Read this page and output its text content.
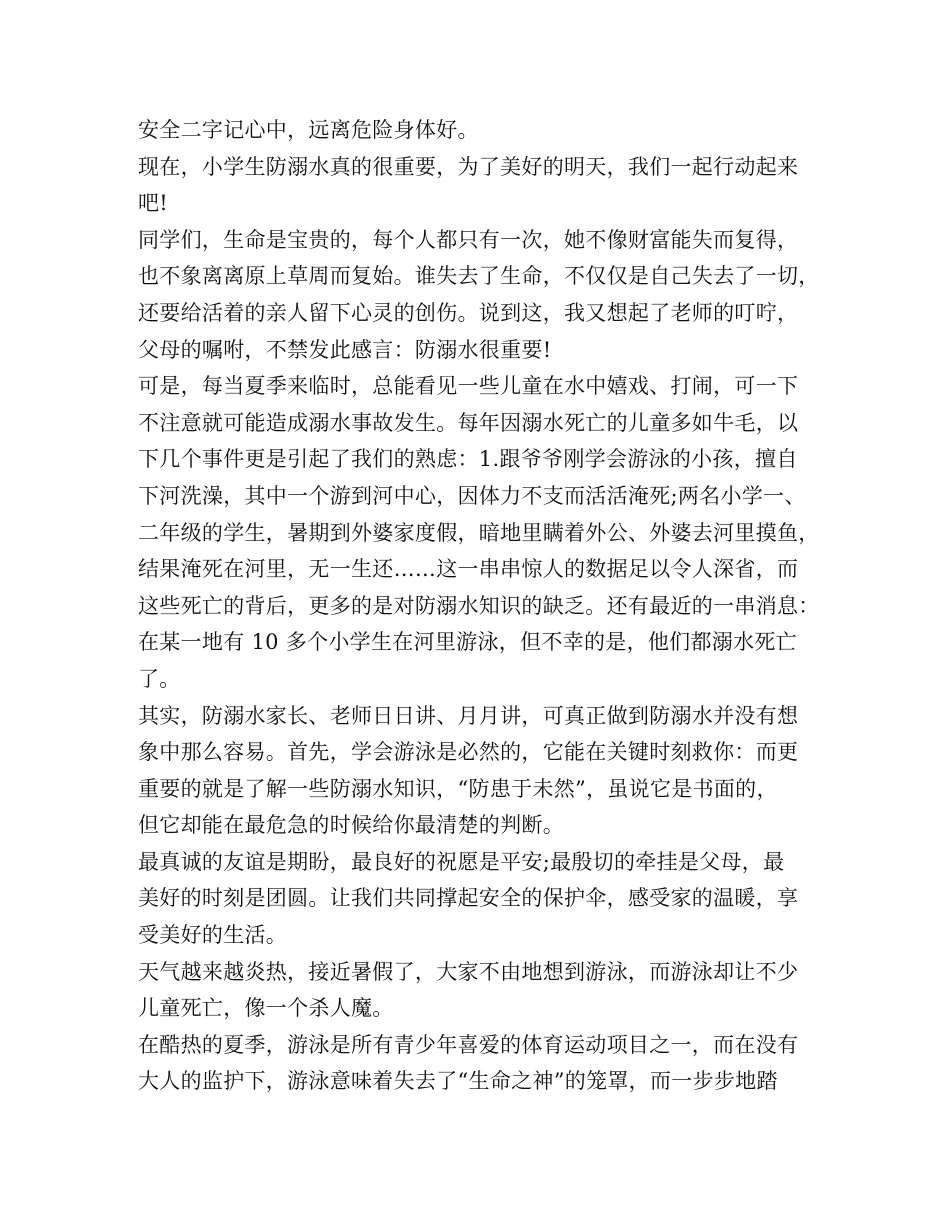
安全二字记心中，远离危险身体好。
现在，小学生防溺水真的很重要，为了美好的明天，我们一起行动起来
吧!
同学们，生命是宝贵的，每个人都只有一次，她不像财富能失而复得，
也不象离离原上草周而复始。谁失去了生命，不仅仅是自己失去了一切，
还要给活着的亲人留下心灵的创伤。说到这，我又想起了老师的叮咛，
父母的嘱咐，不禁发此感言：防溺水很重要!
可是，每当夏季来临时，总能看见一些儿童在水中嬉戏、打闹，可一下
不注意就可能造成溺水事故发生。每年因溺水死亡的儿童多如牛毛，以
下几个事件更是引起了我们的熟虑：1.跟爷爷刚学会游泳的小孩，擅自
下河洗澡，其中一个游到河中心，因体力不支而活活淹死;两名小学一、
二年级的学生，暑期到外婆家度假，暗地里瞒着外公、外婆去河里摸鱼，
结果淹死在河里，无一生还……这一串串惊人的数据足以令人深省，而
这些死亡的背后，更多的是对防溺水知识的缺乏。还有最近的一串消息：
在某一地有 10 多个小学生在河里游泳，但不幸的是，他们都溺水死亡
了。
其实，防溺水家长、老师日日讲、月月讲，可真正做到防溺水并没有想
象中那么容易。首先，学会游泳是必然的，它能在关键时刻救你：而更
重要的就是了解一些防溺水知识，“防患于未然”，虽说它是书面的，
但它却能在最危急的时候给你最清楚的判断。
最真诚的友谊是期盼，最良好的祝愿是平安;最殷切的牵挂是父母，最
美好的时刻是团圆。让我们共同撑起安全的保护伞，感受家的温暖，享
受美好的生活。
天气越来越炎热，接近暑假了，大家不由地想到游泳，而游泳却让不少
儿童死亡，像一个杀人魔。
在酷热的夏季，游泳是所有青少年喜爱的体育运动项目之一，而在没有
大人的监护下，游泳意味着失去了“生命之神”的笼罩，而一步步地踏
